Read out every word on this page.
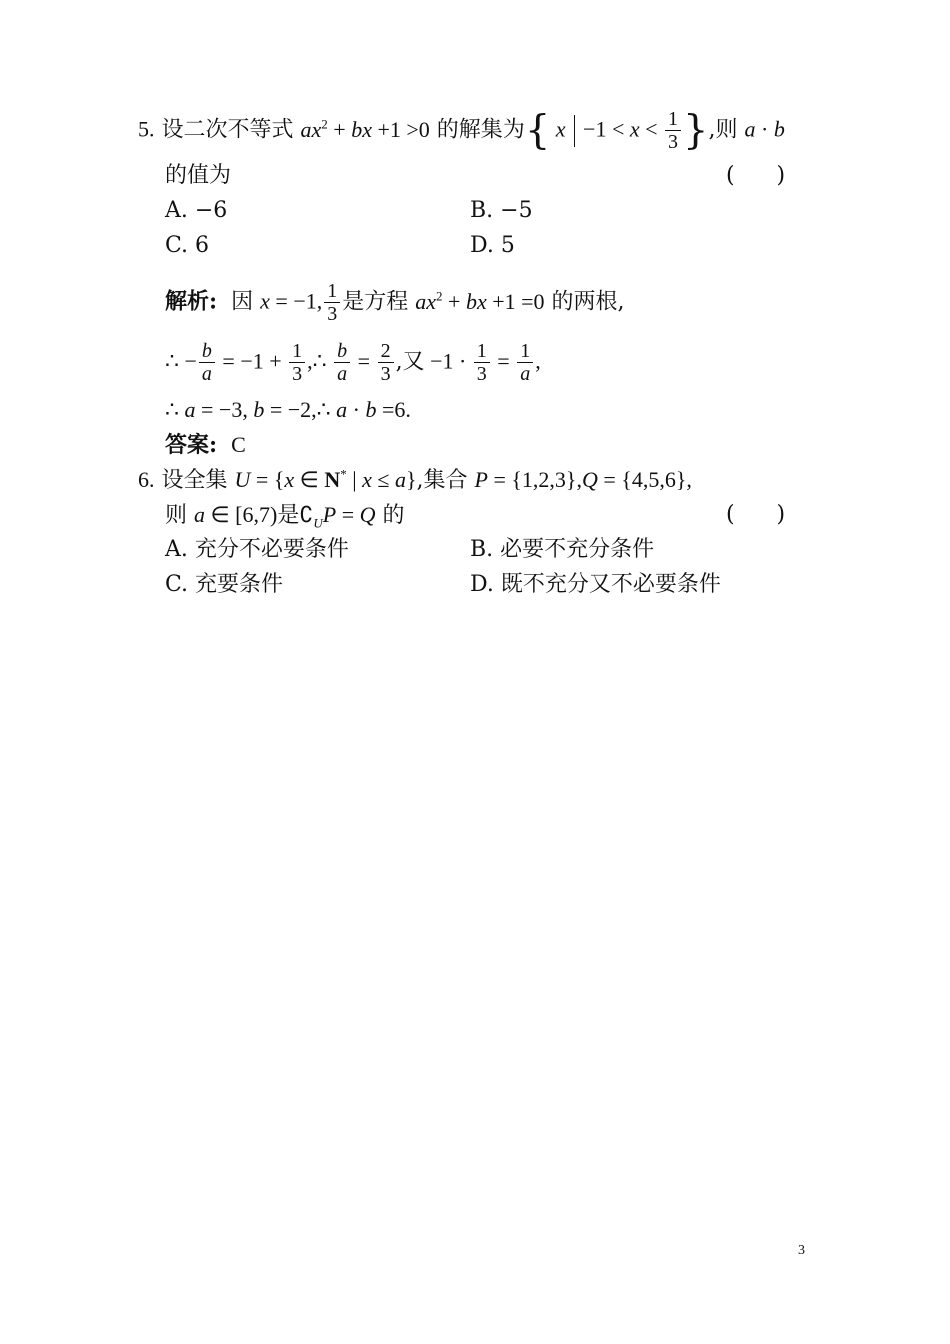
5. 设二次不等式 $ax^2$ + bx +1 >0 的解集为{ $x -1 < x < \frac{1}{3}$ },则 a · b
的值为	(      )
A. −6	B. −5
C. 6	D. 5
解析: 因 x = −1, $\frac{1}{3}$ 是方程 $ax^2$ + bx +1 =0 的两根,
∴ − $\frac{b}{a} = -1 + \frac{1}{3}$ ,∴ $\frac{b}{a} = \frac{2}{3}$ ,又 $-1 \cdot \frac{1}{3} = \frac{1}{a}$ ,
∴ a = −3, b = −2,∴ a · b =6.
答案: C
6. 设全集 U = {x ∈ N* | x ≤ a},集合 P = {1,2,3},Q = {4,5,6},
则 a ∈ [6,7)是$∁_UP = Q$ 的	(      )
A. 充分不必要条件	B. 必要不充分条件
C. 充要条件	D. 既不充分又不必要条件
3
